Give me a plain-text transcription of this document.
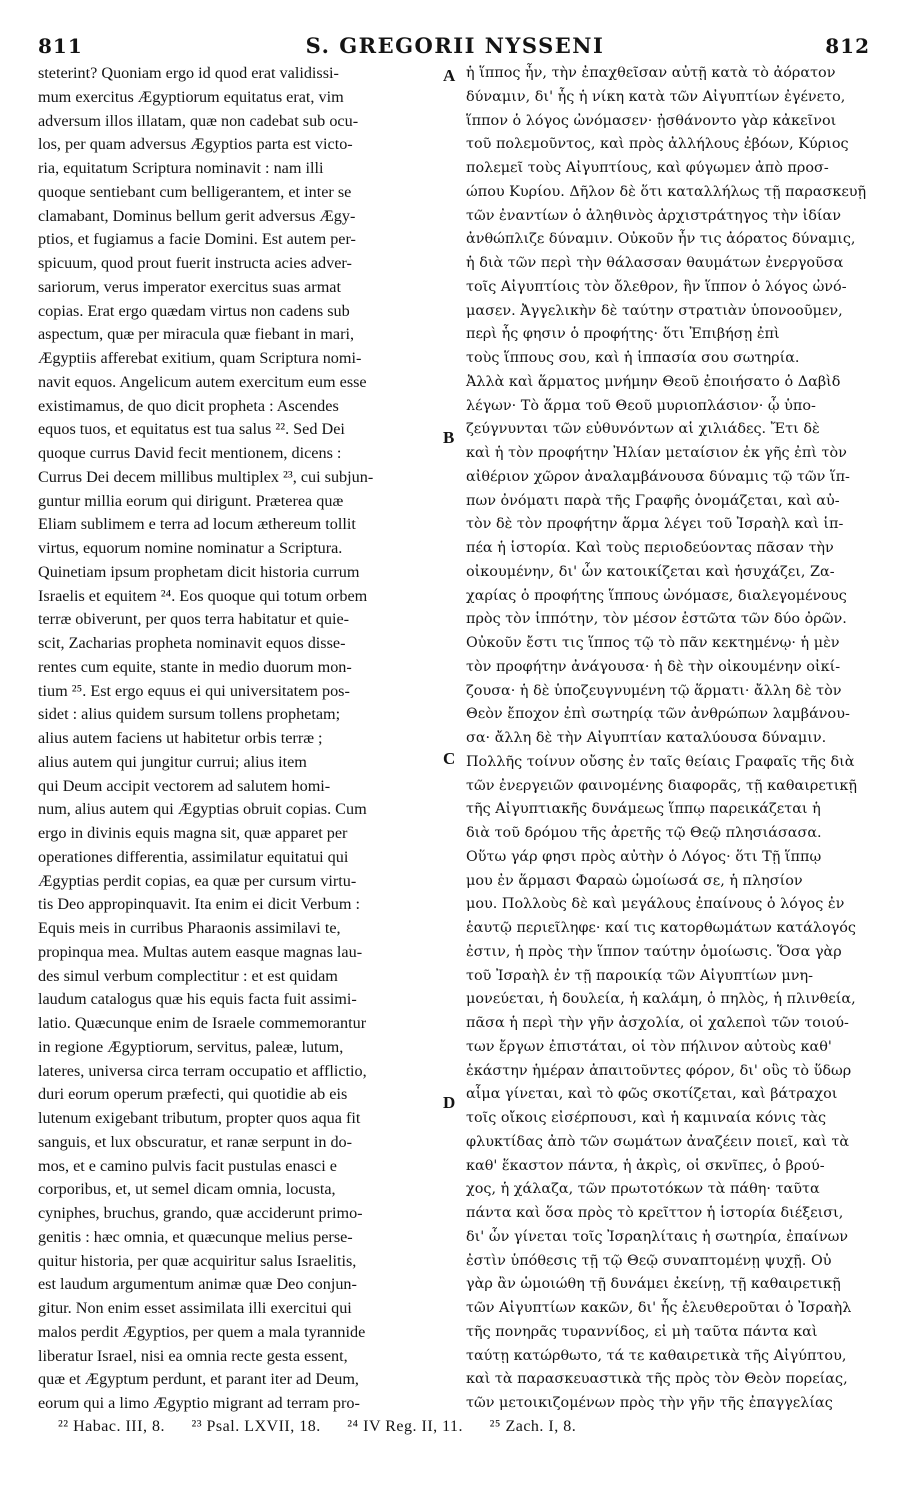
811	S. GREGORII NYSSENI	812

steterint? Quoniam ergo id quod erat validissi-
mum exercitus Ægyptiorum equitatus erat, vim
adversum illos illatam, quæ non cadebat sub ocu-
los, per quam adversus Ægyptios parta est victo-
ria, equitatum Scriptura nominavit : nam illi
quoque sentiebant cum belligerantem, et inter se
clamabant, Dominus bellum gerit adversus Ægy-
ptios, et fugiamus a facie Domini. Est autem per-
spicuum, quod prout fuerit instructa acies adver-
sariorum, verus imperator exercitus suas armat
copias. Erat ergo quædam virtus non cadens sub
aspectum, quæ per miracula quæ fiebant in mari,
Ægyptiis afferebat exitium, quam Scriptura nomi-
navit equos. Angelicum autem exercitum eum esse
existimamus, de quo dicit propheta : Ascendes
equos tuos, et equitatus est tua salus ²². Sed Dei
quoque currus David fecit mentionem, dicens :
Currus Dei decem millibus multiplex ²³, cui subjun-
guntur millia eorum qui dirigunt. Præterea quæ
Eliam sublimem e terra ad locum æthereum tollit
virtus, equorum nomine nominatur a Scriptura.
Quinetiam ipsum prophetam dicit historia currum
Israelis et equitem ²⁴. Eos quoque qui totum orbem
terræ obiverunt, per quos terra habitatur et quie-
scit, Zacharias propheta nominavit equos disse-
rentes cum equite, stante in medio duorum mon-
tium ²⁵. Est ergo equus ei qui universitatem pos-
sidet : alius quidem sursum tollens prophetam;
alius autem faciens ut habitetur orbis terræ ;
alius autem qui jungitur currui; alius item
qui Deum accipit vectorem ad salutem homi-
num, alius autem qui Ægyptias obruit copias. Cum
ergo in divinis equis magna sit, quæ apparet per
operationes differentia, assimilatur equitatui qui
Ægyptias perdit copias, ea quæ per cursum virtu-
tis Deo appropinquavit. Ita enim ei dicit Verbum :
Equis meis in curribus Pharaonis assimilavi te,
propinqua mea. Multas autem easque magnas lau-
des simul verbum complectitur : et est quidam
laudum catalogus quæ his equis facta fuit assimi-
latio. Quæcunque enim de Israele commemorantur
in regione Ægyptiorum, servitus, paleæ, lutum,
lateres, universa circa terram occupatio et afflictio,
duri eorum operum præfecti, qui quotidie ab eis
lutenum exigebant tributum, propter quos aqua fit
sanguis, et lux obscuratur, et ranæ serpunt in do-
mos, et e camino pulvis facit pustulas enasci e
corporibus, et, ut semel dicam omnia, locusta,
cyniphes, bruchus, grando, quæ acciderunt primo-
genitis : hæc omnia, et quæcunque melius perse-
quitur historia, per quæ acquiritur salus Israelitis,
est laudum argumentum animæ quæ Deo conjun-
gitur. Non enim esset assimilata illi exercitui qui
malos perdit Ægyptios, per quem a mala tyrannide
liberatur Israel, nisi ea omnia recte gesta essent,
quæ et Ægyptum perdunt, et parant iter ad Deum,
eorum qui a limo Ægyptio migrant ad terram pro-

A
B
C
D

ἡ ἵππος ἦν, τὴν ἐπαχθεῖσαν αὐτῇ κατὰ τὸ ἀόρατον
δύναμιν, δι' ἧς ἡ νίκη κατὰ τῶν Αἰγυπτίων ἐγένετο,
ἵππον ὁ λόγος ὠνόμασεν· ᾐσθάνοντο γὰρ κἀκεῖνοι
τοῦ πολεμοῦντος, καὶ πρὸς ἀλλήλους ἐβόων, Κύριος
πολεμεῖ τοὺς Αἰγυπτίους, καὶ φύγωμεν ἀπὸ προσ-
ώπου Κυρίου. Δῆλον δὲ ὅτι καταλλήλως τῇ παρασκευῇ
τῶν ἐναντίων ὁ ἀληθινὸς ἀρχιστράτηγος τὴν ἰδίαν
ἀνθώπλιζε δύναμιν. Οὐκοῦν ἦν τις ἀόρατος δύναμις,
ἡ διὰ τῶν περὶ τὴν θάλασσαν θαυμάτων ἐνεργοῦσα
τοῖς Αἰγυπτίοις τὸν ὄλεθρον, ἣν ἵππον ὁ λόγος ὠνό-
μασεν. Ἀγγελικὴν δὲ ταύτην στρατιὰν ὑπονοοῦμεν,
περὶ ἧς φησιν ὁ προφήτης· ὅτι Ἐπιβήσῃ ἐπὶ
τοὺς ἵππους σου, καὶ ἡ ἱππασία σου σωτηρία.
Ἀλλὰ καὶ ἅρματος μνήμην Θεοῦ ἐποιήσατο ὁ Δαβὶδ
λέγων· Τὸ ἅρμα τοῦ Θεοῦ μυριοπλάσιον· ᾧ ὑπο-
ζεύγνυνται τῶν εὐθυνόντων αἱ χιλιάδες. Ἔτι δὲ
καὶ ἡ τὸν προφήτην Ἠλίαν μεταίσιον ἐκ γῆς ἐπὶ τὸν
αἰθέριον χῶρον ἀναλαμβάνουσα δύναμις τῷ τῶν ἵπ-
πων ὀνόματι παρὰ τῆς Γραφῆς ὀνομάζεται, καὶ αὐ-
τὸν δὲ τὸν προφήτην ἅρμα λέγει τοῦ Ἰσραὴλ καὶ ἱπ-
πέα ἡ ἱστορία. Καὶ τοὺς περιοδεύοντας πᾶσαν τὴν
οἰκουμένην, δι' ὧν κατοικίζεται καὶ ἡσυχάζει, Ζα-
χαρίας ὁ προφήτης ἵππους ὠνόμασε, διαλεγομένους
πρὸς τὸν ἱππότην, τὸν μέσον ἑστῶτα τῶν δύο ὀρῶν.
Οὐκοῦν ἔστι τις ἵππος τῷ τὸ πᾶν κεκτημένῳ· ἡ μὲν
τὸν προφήτην ἀνάγουσα· ἡ δὲ τὴν οἰκουμένην οἰκί-
ζουσα· ἡ δὲ ὑποζευγνυμένη τῷ ἅρματι· ἄλλη δὲ τὸν
Θεὸν ἔποχον ἐπὶ σωτηρίᾳ τῶν ἀνθρώπων λαμβάνου-
σα· ἄλλη δὲ τὴν Αἰγυπτίαν καταλύουσα δύναμιν.
Πολλῆς τοίνυν οὔσης ἐν ταῖς θείαις Γραφαῖς τῆς διὰ
τῶν ἐνεργειῶν φαινομένης διαφορᾶς, τῇ καθαιρετικῇ
τῆς Αἰγυπτιακῆς δυνάμεως ἵππῳ παρεικάζεται ἡ
διὰ τοῦ δρόμου τῆς ἀρετῆς τῷ Θεῷ πλησιάσασα.
Οὕτω γάρ φησι πρὸς αὐτὴν ὁ Λόγος· ὅτι Τῇ ἵππῳ
μου ἐν ἅρμασι Φαραὼ ὡμοίωσά σε, ἡ πλησίον
μου. Πολλοὺς δὲ καὶ μεγάλους ἐπαίνους ὁ λόγος ἐν
ἑαυτῷ περιεῖληφε· καί τις κατορθωμάτων κατάλογός
ἐστιν, ἡ πρὸς τὴν ἵππον ταύτην ὁμοίωσις. Ὅσα γὰρ
τοῦ Ἰσραὴλ ἐν τῇ παροικίᾳ τῶν Αἰγυπτίων μνη-
μονεύεται, ἡ δουλεία, ἡ καλάμη, ὁ πηλὸς, ἡ πλινθεία,
πᾶσα ἡ περὶ τὴν γῆν ἀσχολία, οἱ χαλεποὶ τῶν τοιού-
των ἔργων ἐπιστάται, οἱ τὸν πήλινον αὐτοὺς καθ'
ἑκάστην ἡμέραν ἀπαιτοῦντες φόρον, δι' οὓς τὸ ὕδωρ
αἷμα γίνεται, καὶ τὸ φῶς σκοτίζεται, καὶ βάτραχοι
τοῖς οἴκοις εἰσέρπουσι, καὶ ἡ καμιναία κόνις τὰς
φλυκτίδας ἀπὸ τῶν σωμάτων ἀναζέειν ποιεῖ, καὶ τὰ
καθ' ἕκαστον πάντα, ἡ ἀκρὶς, οἱ σκνῖπες, ὁ βρού-
χος, ἡ χάλαζα, τῶν πρωτοτόκων τὰ πάθη· ταῦτα
πάντα καὶ ὅσα πρὸς τὸ κρεῖττον ἡ ἱστορία διέξεισι,
δι' ὧν γίνεται τοῖς Ἰσραηλίταις ἡ σωτηρία, ἐπαίνων
ἐστὶν ὑπόθεσις τῇ τῷ Θεῷ συναπτομένῃ ψυχῇ. Οὐ
γὰρ ἂν ὡμοιώθη τῇ δυνάμει ἐκείνῃ, τῇ καθαιρετικῇ
τῶν Αἰγυπτίων κακῶν, δι' ἧς ἐλευθεροῦται ὁ Ἰσραὴλ
τῆς πονηρᾶς τυραννίδος, εἰ μὴ ταῦτα πάντα καὶ
ταύτῃ κατώρθωτο, τά τε καθαιρετικὰ τῆς Αἰγύπτου,
καὶ τὰ παρασκευαστικὰ τῆς πρὸς τὸν Θεὸν πορείας,
τῶν μετοικιζομένων πρὸς τὴν γῆν τῆς ἐπαγγελίας

²² Habac. III, 8. ²³ Psal. LXVII, 18. ²⁴ IV Reg. II, 11. ²⁵ Zach. I, 8.
